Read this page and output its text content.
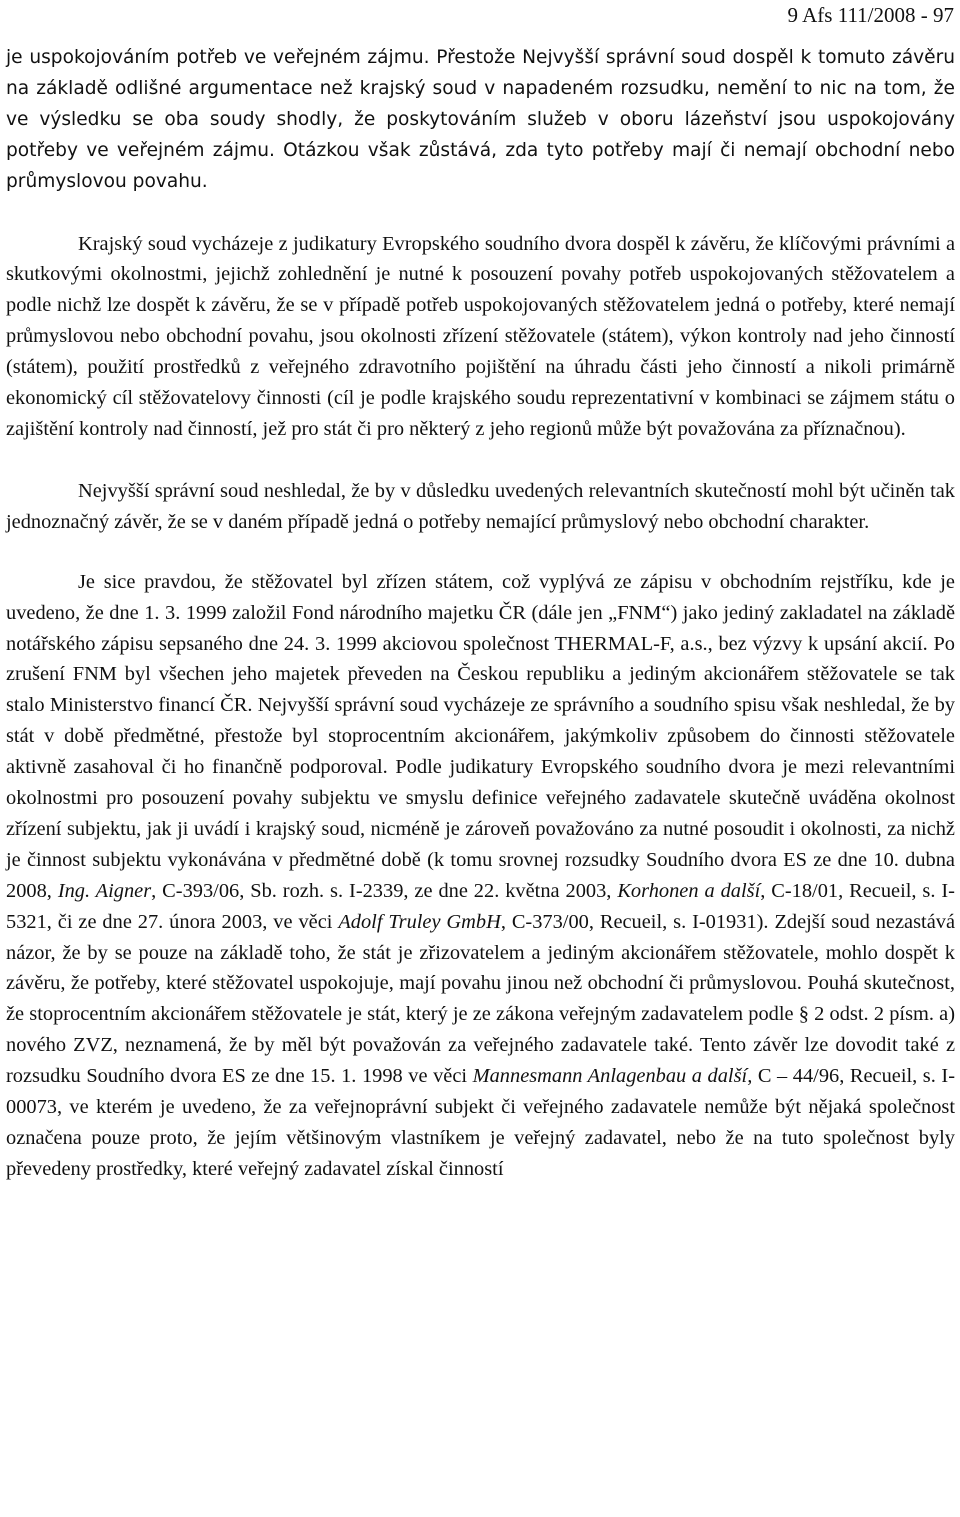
9 Afs 111/2008 - 97

je uspokojováním potřeb ve veřejném zájmu. Přestože Nejvyšší správní soud dospěl k tomuto závěru na základě odlišné argumentace než krajský soud v napadeném rozsudku, nemění to nic na tom, že ve výsledku se oba soudy shodly, že poskytováním služeb v oboru lázeňství jsou uspokojovány potřeby ve veřejném zájmu. Otázkou však zůstává, zda tyto potřeby mají či nemají obchodní nebo průmyslovou povahu.

Krajský soud vycházeje z judikatury Evropského soudního dvora dospěl k závěru, že klíčovými právními a skutkovými okolnostmi, jejichž zohlednění je nutné k posouzení povahy potřeb uspokojovaných stěžovatelem a podle nichž lze dospět k závěru, že se v případě potřeb uspokojovaných stěžovatelem jedná o potřeby, které nemají průmyslovou nebo obchodní povahu, jsou okolnosti zřízení stěžovatele (státem), výkon kontroly nad jeho činností (státem), použití prostředků z veřejného zdravotního pojištění na úhradu části jeho činností a nikoli primárně ekonomický cíl stěžovatelovy činnosti (cíl je podle krajského soudu reprezentativní v kombinaci se zájmem státu o zajištění kontroly nad činností, jež pro stát či pro některý z jeho regionů může být považována za příznačnou).

Nejvyšší správní soud neshledal, že by v důsledku uvedených relevantních skutečností mohl být učiněn tak jednoznačný závěr, že se v daném případě jedná o potřeby nemající průmyslový nebo obchodní charakter.

Je sice pravdou, že stěžovatel byl zřízen státem, což vyplývá ze zápisu v obchodním rejstříku, kde je uvedeno, že dne 1. 3. 1999 založil Fond národního majetku ČR (dále jen „FNM“) jako jediný zakladatel na základě notářského zápisu sepsaného dne 24. 3. 1999 akciovou společnost THERMAL-F, a.s., bez výzvy k upsání akcií. Po zrušení FNM byl všechen jeho majetek převeden na Českou republiku a jediným akcionářem stěžovatele se tak stalo Ministerstvo financí ČR. Nejvyšší správní soud vycházeje ze správního a soudního spisu však neshledal, že by stát v době předmětné, přestože byl stoprocentním akcionářem, jakýmkoliv způsobem do činnosti stěžovatele aktivně zasahoval či ho finančně podporoval. Podle judikatury Evropského soudního dvora je mezi relevantními okolnostmi pro posouzení povahy subjektu ve smyslu definice veřejného zadavatele skutečně uváděna okolnost zřízení subjektu, jak ji uvádí i krajský soud, nicméně je zároveň považováno za nutné posoudit i okolnosti, za nichž je činnost subjektu vykonávána v předmětné době (k tomu srovnej rozsudky Soudního dvora ES ze dne 10. dubna 2008, Ing. Aigner, C-393/06, Sb. rozh. s. I-2339, ze dne 22. května 2003, Korhonen a další, C-18/01, Recueil, s. I-5321, či ze dne 27. února 2003, ve věci Adolf Truley GmbH, C-373/00, Recueil, s. I-01931). Zdejší soud nezastává názor, že by se pouze na základě toho, že stát je zřizovatelem a jediným akcionářem stěžovatele, mohlo dospět k závěru, že potřeby, které stěžovatel uspokojuje, mají povahu jinou než obchodní či průmyslovou. Pouhá skutečnost, že stoprocentním akcionářem stěžovatele je stát, který je ze zákona veřejným zadavatelem podle § 2 odst. 2 písm. a) nového ZVZ, neznamená, že by měl být považován za veřejného zadavatele také. Tento závěr lze dovodit také z rozsudku Soudního dvora ES ze dne 15. 1. 1998 ve věci Mannesmann Anlagenbau a další, C – 44/96, Recueil, s. I-00073, ve kterém je uvedeno, že za veřejnoprávní subjekt či veřejného zadavatele nemůže být nějaká společnost označena pouze proto, že jejím většinovým vlastníkem je veřejný zadavatel, nebo že na tuto společnost byly převedeny prostředky, které veřejný zadavatel získal činností
